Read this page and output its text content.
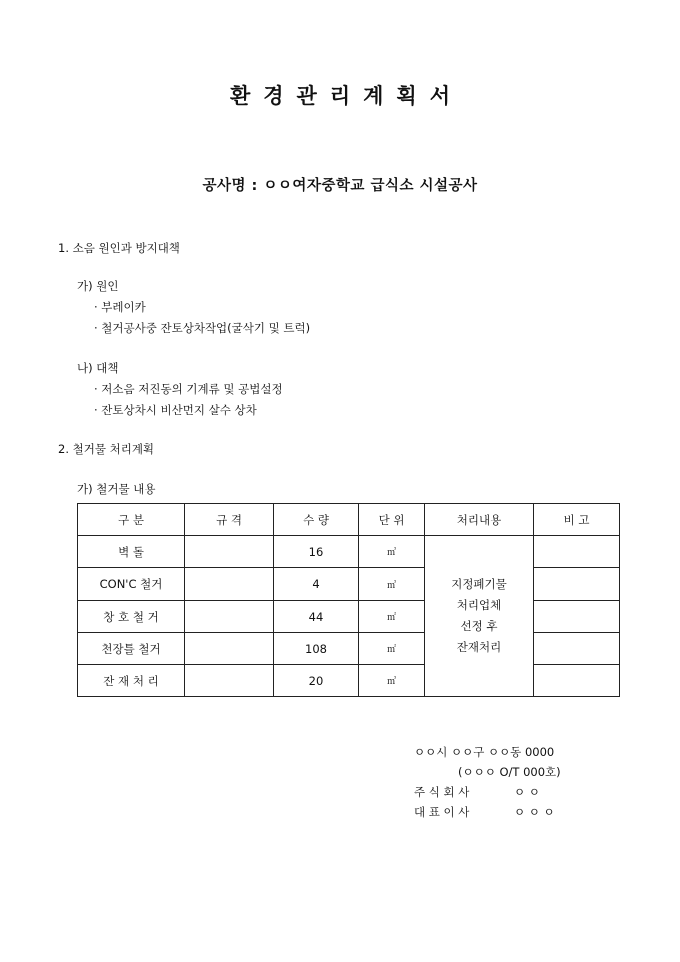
환경관리계획서
공사명 : ㅇㅇ여자중학교 급식소 시설공사
1. 소음 원인과 방지대책
가) 원인
· 부레이카
· 철거공사중 잔토상차작업(굴삭기 및 트럭)
나) 대책
· 저소음 저진동의 기계류 및 공법설정
· 잔토상차시 비산먼지 살수 상차
2. 철거물 처리계획
가) 철거물 내용
구 분	규 격	수 량	단 위	처리내용	비 고
벽 돌		16	㎥	지정폐기물
처리업체
선정 후
잔재처리	

CON'C 철거		4	㎥		
창 호 철 거		44	㎡		
천장틀 철거		108	㎡		
잔 재 처 리		20	㎥		
ㅇㅇ시 ㅇㅇ구 ㅇㅇ동 0000
(ㅇㅇㅇ O/T 000호)
주 식 회 사	ㅇ ㅇ
대 표 이 사	ㅇ ㅇ ㅇ
